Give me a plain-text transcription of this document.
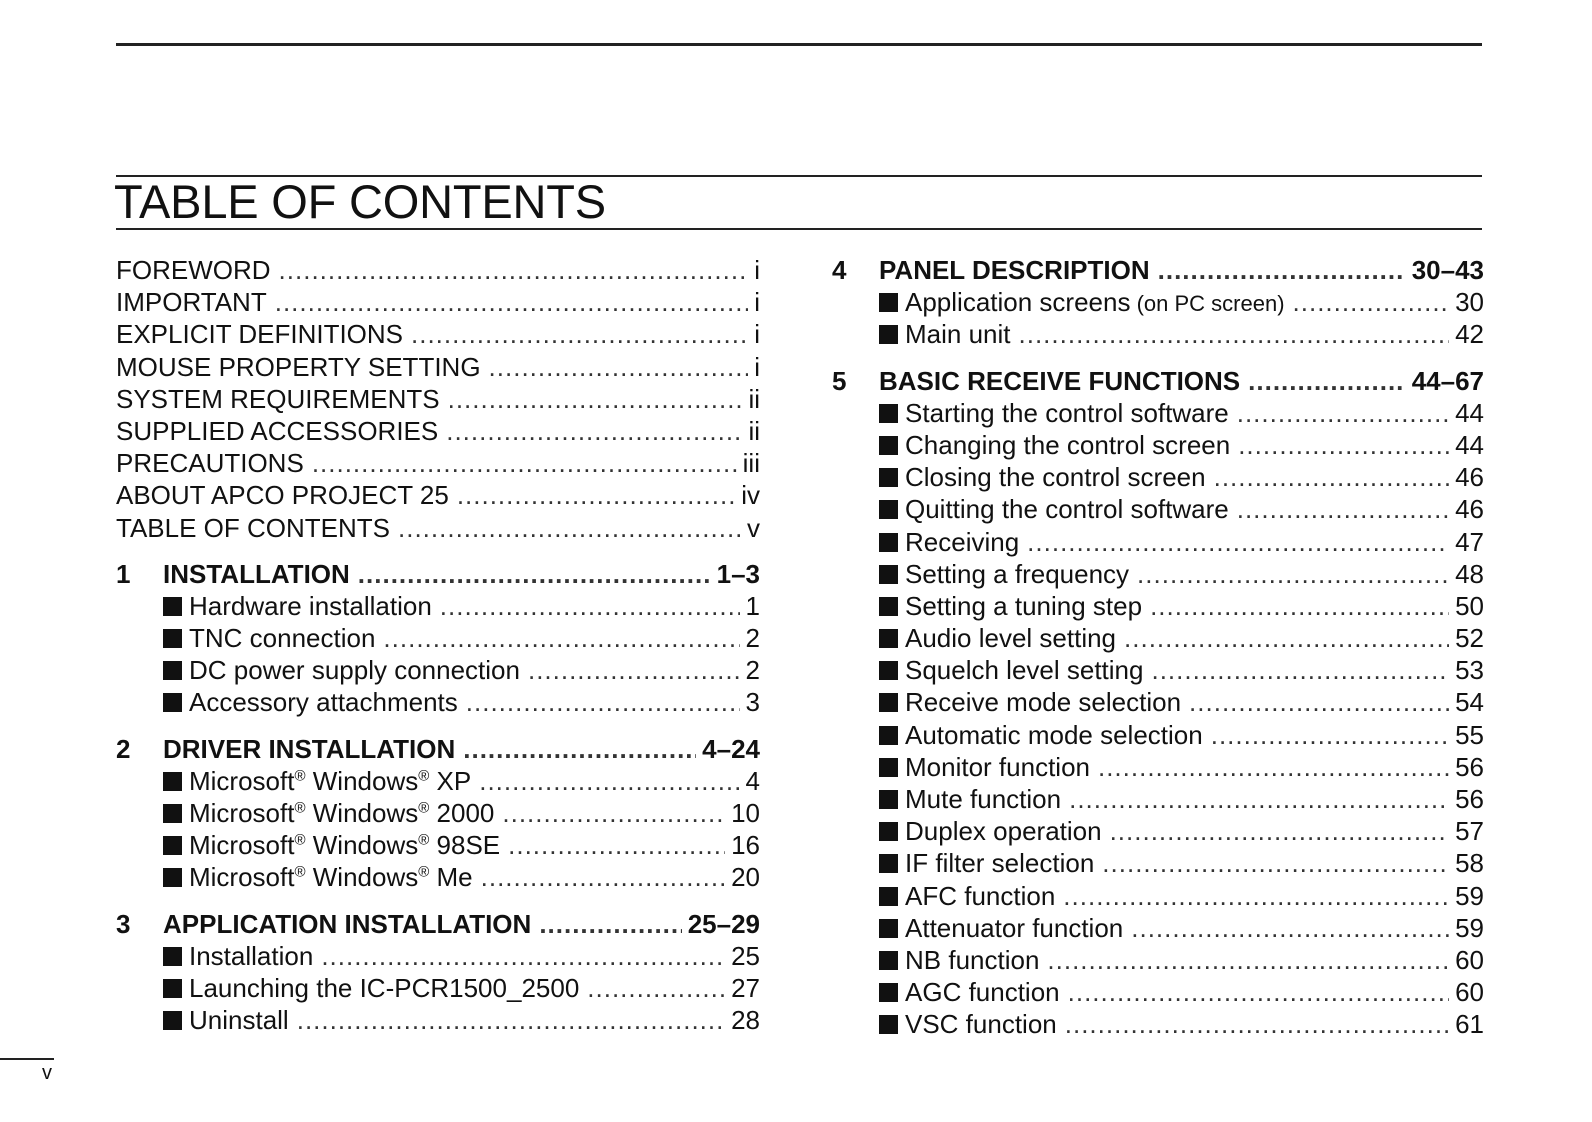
TABLE OF CONTENTS
FOREWORD .....	i
IMPORTANT .....	i
EXPLICIT DEFINITIONS .....	i
MOUSE PROPERTY SETTING .....	i
SYSTEM REQUIREMENTS .....	ii
SUPPLIED ACCESSORIES .....	ii
PRECAUTIONS .....	iii
ABOUT APCO PROJECT 25 .....	iv
TABLE OF CONTENTS .....	v
1	INSTALLATION .....	1–3
Hardware installation .....	1
TNC connection .....	2
DC power supply connection .....	2
Accessory attachments .....	3
2	DRIVER INSTALLATION .....	4–24
Microsoft® Windows® XP .....	4
Microsoft® Windows® 2000 .....	10
Microsoft® Windows® 98SE .....	16
Microsoft® Windows® Me .....	20
3	APPLICATION INSTALLATION .....	25–29
Installation .....	25
Launching the IC-PCR1500_2500 .....	27
Uninstall .....	28
4	PANEL DESCRIPTION .....	30–43
Application screens (on PC screen) .....	30
Main unit .....	42
5	BASIC RECEIVE FUNCTIONS .....	44–67
Starting the control software .....	44
Changing the control screen .....	44
Closing the control screen .....	46
Quitting the control software .....	46
Receiving .....	47
Setting a frequency .....	48
Setting a tuning step .....	50
Audio level setting .....	52
Squelch level setting .....	53
Receive mode selection .....	54
Automatic mode selection .....	55
Monitor function .....	56
Mute function .....	56
Duplex operation .....	57
IF ﬁlter selection .....	58
AFC function .....	59
Attenuator function .....	59
NB function .....	60
AGC function .....	60
VSC function .....	61
v
